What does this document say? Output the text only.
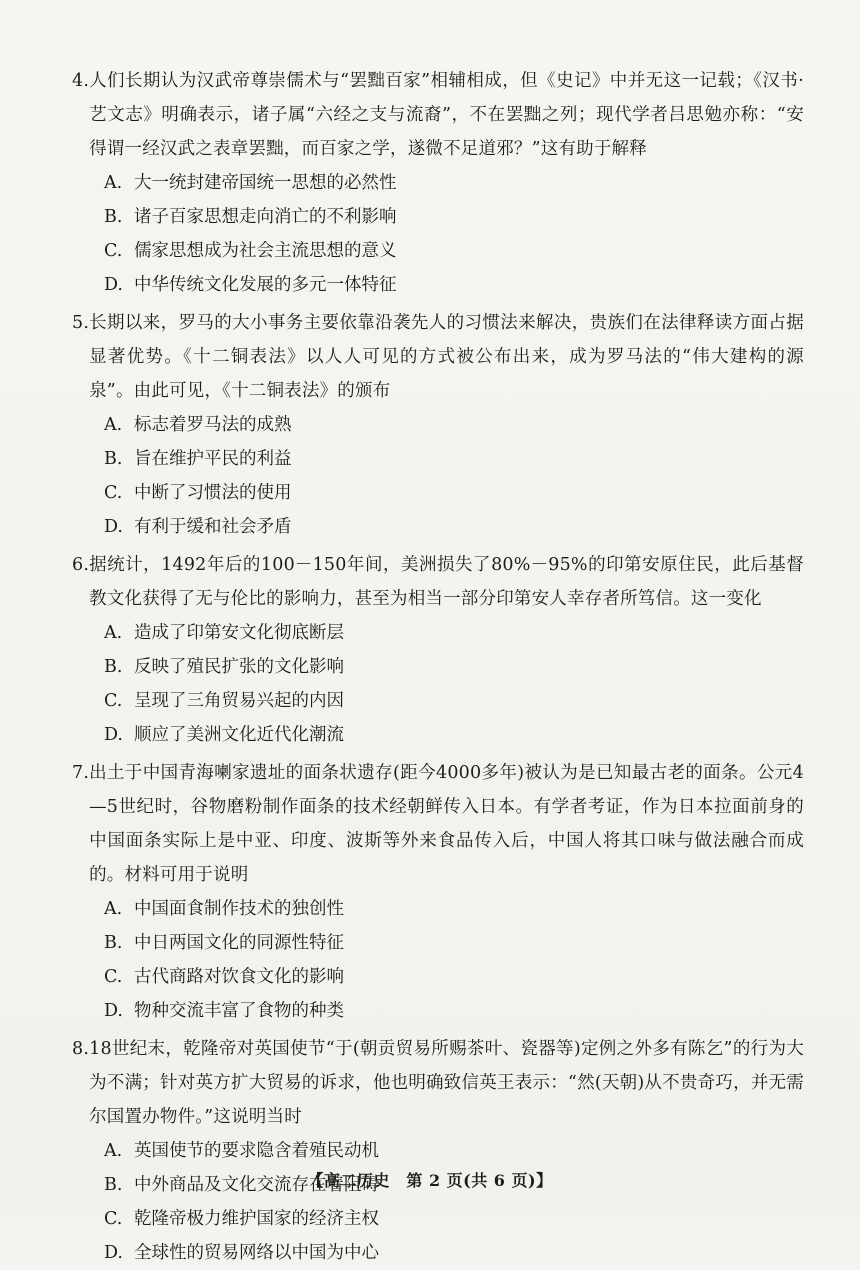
4. 人们长期认为汉武帝尊崇儒术与“罢黜百家”相辅相成，但《史记》中并无这一记载；《汉书·艺文志》明确表示，诸子属“六经之支与流裔”，不在罢黜之列；现代学者吕思勉亦称：“安得谓一经汉武之表章罢黜，而百家之学，遂微不足道邪？”这有助于解释
A. 大一统封建帝国统一思想的必然性
B. 诸子百家思想走向消亡的不利影响
C. 儒家思想成为社会主流思想的意义
D. 中华传统文化发展的多元一体特征
5. 长期以来，罗马的大小事务主要依靠沿袭先人的习惯法来解决，贵族们在法律释读方面占据显著优势。《十二铜表法》以人人可见的方式被公布出来，成为罗马法的“伟大建构的源泉”。由此可见，《十二铜表法》的颁布
A. 标志着罗马法的成熟
B. 旨在维护平民的利益
C. 中断了习惯法的使用
D. 有利于缓和社会矛盾
6. 据统计，1492年后的100－150年间，美洲损失了80%－95%的印第安原住民，此后基督教文化获得了无与伦比的影响力，甚至为相当一部分印第安人幸存者所笃信。这一变化
A. 造成了印第安文化彻底断层
B. 反映了殖民扩张的文化影响
C. 呈现了三角贸易兴起的内因
D. 顺应了美洲文化近代化潮流
7. 出土于中国青海喇家遗址的面条状遗存(距今4000多年)被认为是已知最古老的面条。公元4—5世纪时，谷物磨粉制作面条的技术经朝鲜传入日本。有学者考证，作为日本拉面前身的中国面条实际上是中亚、印度、波斯等外来食品传入后，中国人将其口味与做法融合而成的。材料可用于说明
A. 中国面食制作技术的独创性
B. 中日两国文化的同源性特征
C. 古代商路对饮食文化的影响
D. 物种交流丰富了食物的种类
8. 18世纪末，乾隆帝对英国使节“于(朝贡贸易所赐茶叶、瓷器等)定例之外多有陈乞”的行为大为不满；针对英方扩大贸易的诉求，他也明确致信英王表示：“然(天朝)从不贵奇巧，并无需尔国置办物件。”这说明当时
A. 英国使节的要求隐含着殖民动机
B. 中外商品及文化交流存在着阻碍
C. 乾隆帝极力维护国家的经济主权
D. 全球性的贸易网络以中国为中心
【高二历史　第 2 页(共 6 页)】
